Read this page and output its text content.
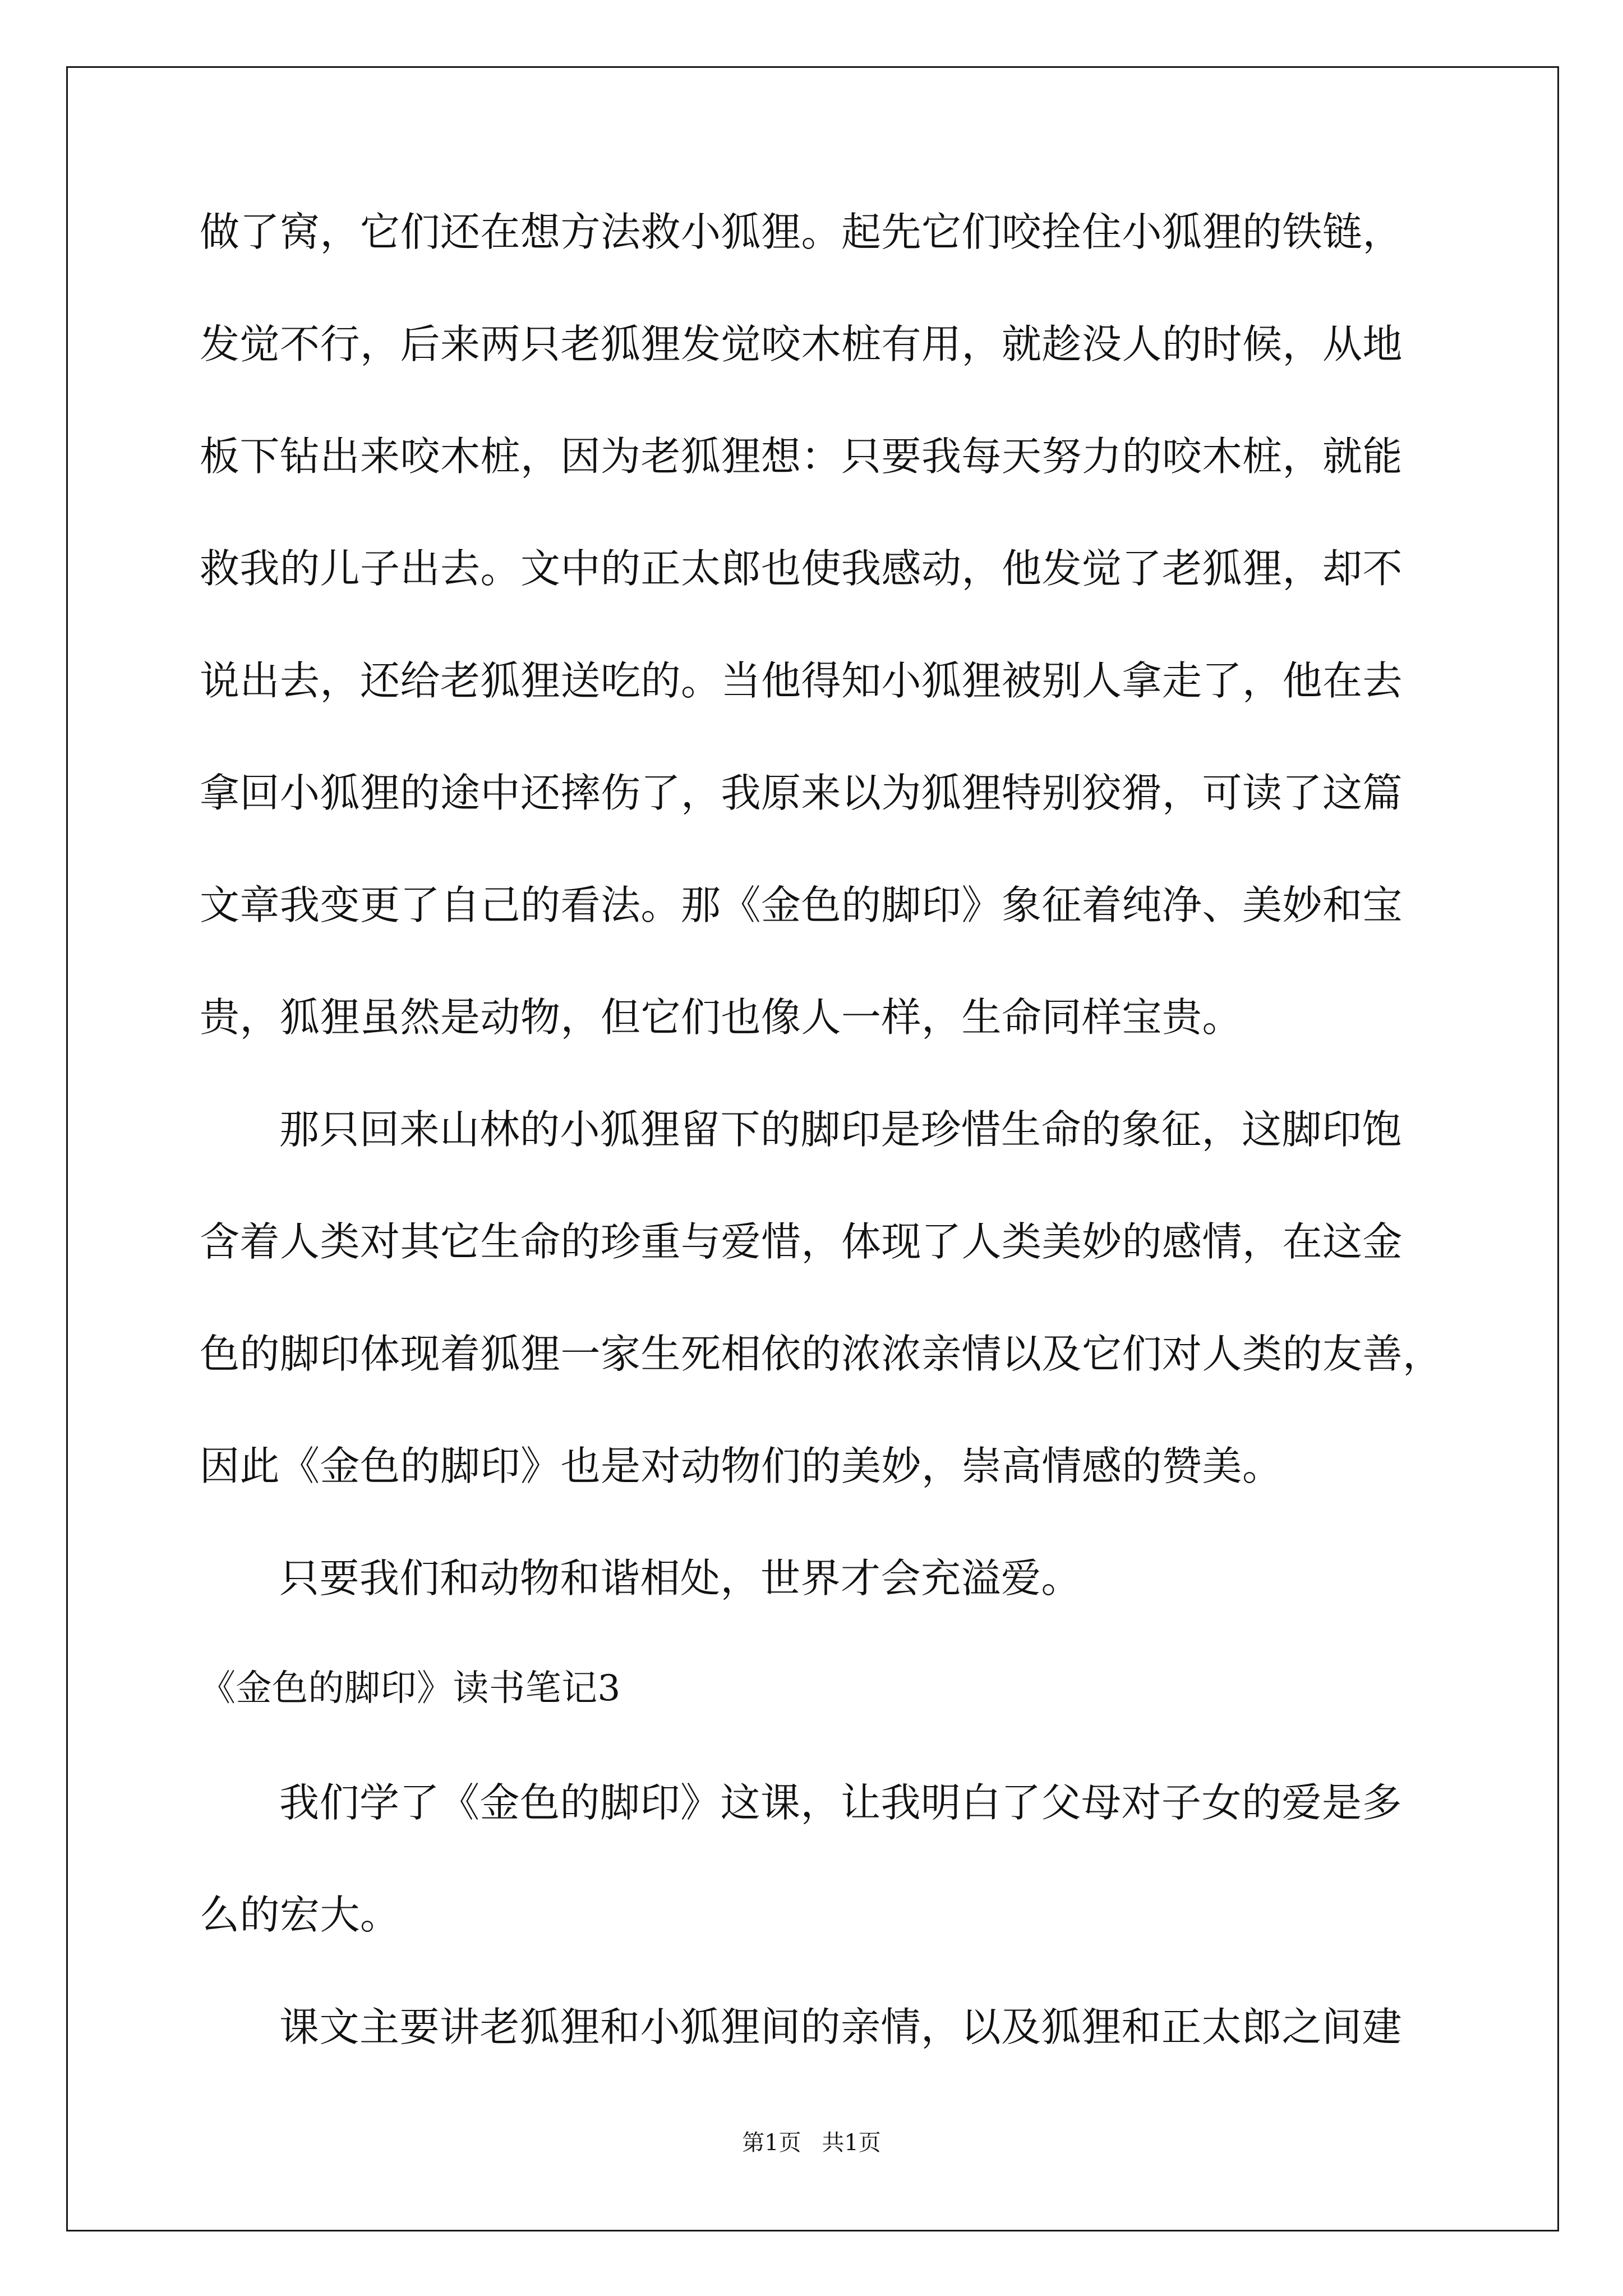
做了窝，它们还在想方法救小狐狸。起先它们咬拴住小狐狸的铁链，
发觉不行，后来两只老狐狸发觉咬木桩有用，就趁没人的时候，从地
板下钻出来咬木桩，因为老狐狸想：只要我每天努力的咬木桩，就能
救我的儿子出去。文中的正太郎也使我感动，他发觉了老狐狸，却不
说出去，还给老狐狸送吃的。当他得知小狐狸被别人拿走了，他在去
拿回小狐狸的途中还摔伤了，我原来以为狐狸特别狡猾，可读了这篇
文章我变更了自己的看法。那《金色的脚印》象征着纯净、美妙和宝
贵，狐狸虽然是动物，但它们也像人一样，生命同样宝贵。
那只回来山林的小狐狸留下的脚印是珍惜生命的象征，这脚印饱
含着人类对其它生命的珍重与爱惜，体现了人类美妙的感情，在这金
色的脚印体现着狐狸一家生死相依的浓浓亲情以及它们对人类的友善，
因此《金色的脚印》也是对动物们的美妙，崇高情感的赞美。
只要我们和动物和谐相处，世界才会充溢爱。
《金色的脚印》读书笔记3
我们学了《金色的脚印》这课，让我明白了父母对子女的爱是多
么的宏大。
课文主要讲老狐狸和小狐狸间的亲情，以及狐狸和正太郎之间建
第1页 共1页
